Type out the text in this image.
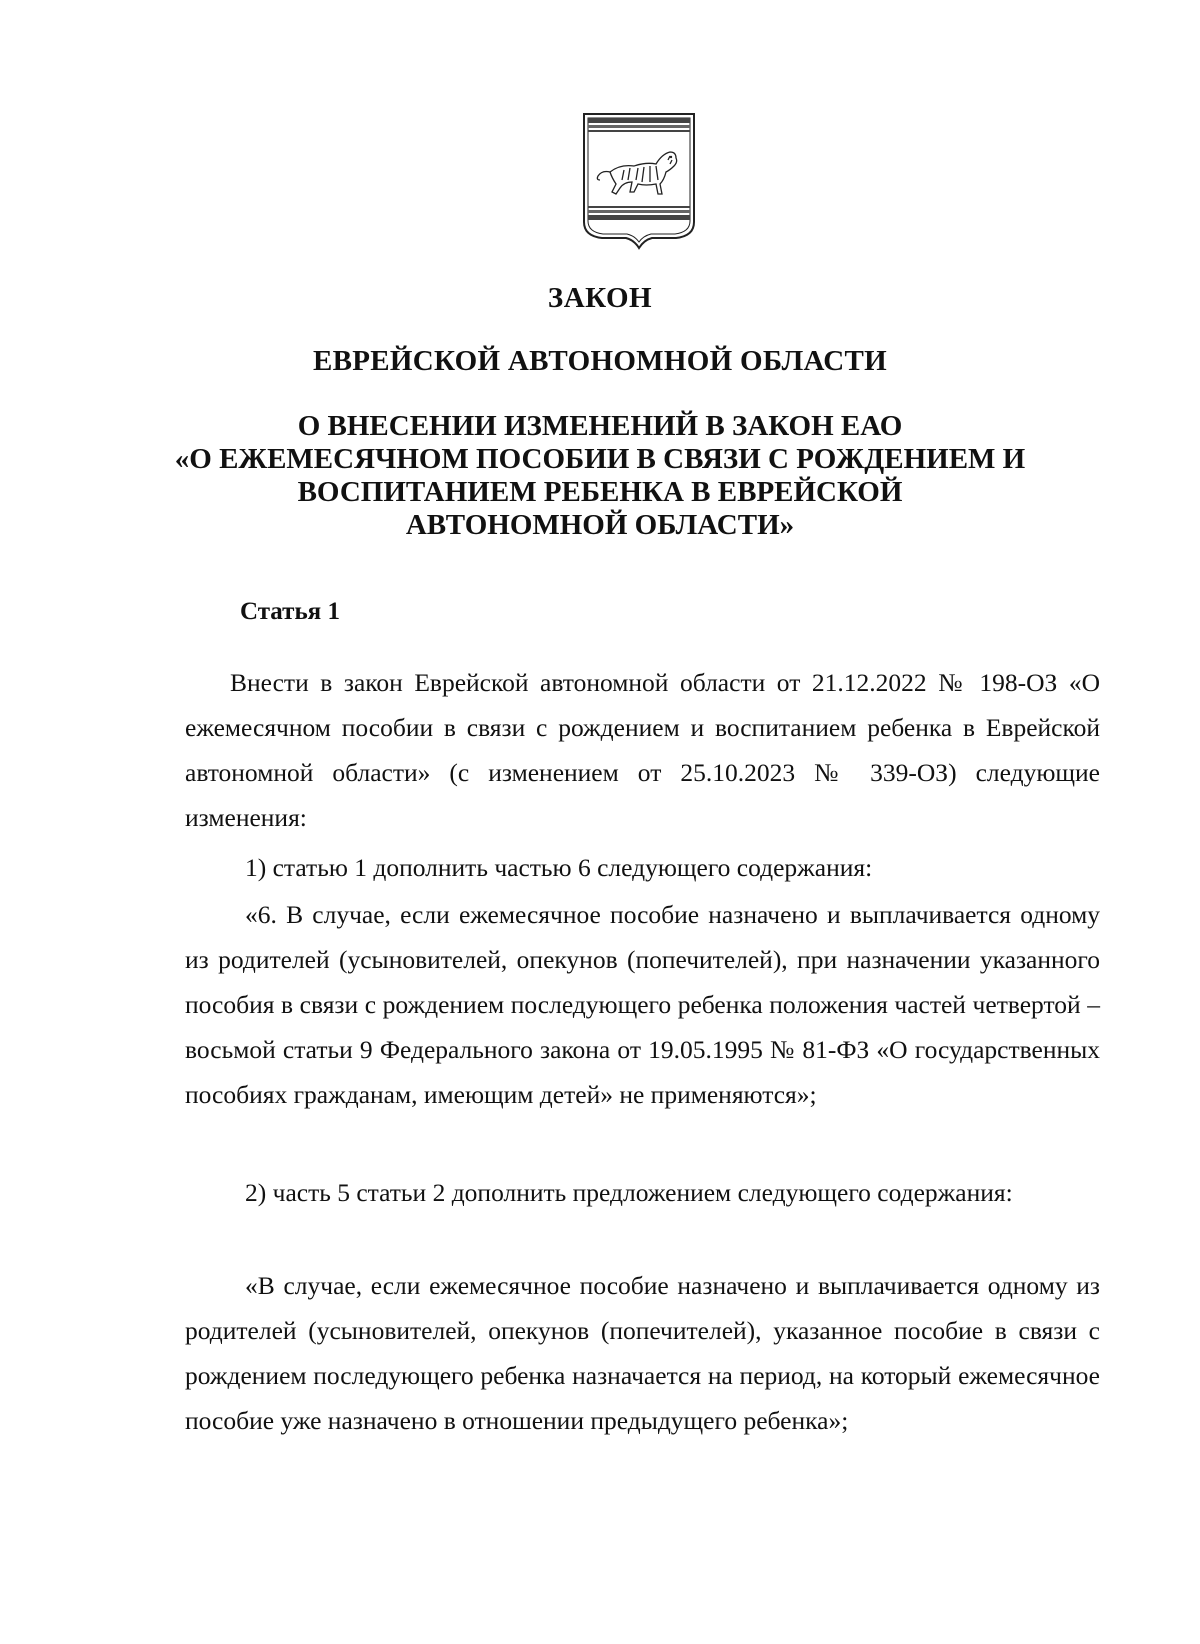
ЗАКОН
ЕВРЕЙСКОЙ АВТОНОМНОЙ ОБЛАСТИ
О ВНЕСЕНИИ ИЗМЕНЕНИЙ В ЗАКОН ЕАО
«О ЕЖЕМЕСЯЧНОМ ПОСОБИИ В СВЯЗИ С РОЖДЕНИЕМ И
ВОСПИТАНИЕМ РЕБЕНКА В ЕВРЕЙСКОЙ
АВТОНОМНОЙ ОБЛАСТИ»
Статья 1

Внести в закон Еврейской автономной области от 21.12.2022 № 198-ОЗ «О ежемесячном пособии в связи с рождением и воспитанием ребенка в Еврейской автономной области» (с изменением от 25.10.2023 № 339-ОЗ) следующие изменения:

1) статью 1 дополнить частью 6 следующего содержания:

«6. В случае, если ежемесячное пособие назначено и выплачивается одному из родителей (усыновителей, опекунов (попечителей), при назначении указанного пособия в связи с рождением последующего ребенка положения частей четвертой – восьмой статьи 9 Федерального закона от 19.05.1995 № 81-ФЗ «О государственных пособиях гражданам, имеющим детей» не применяются»;

2) часть 5 статьи 2 дополнить предложением следующего содержания:

«В случае, если ежемесячное пособие назначено и выплачивается одному из родителей (усыновителей, опекунов (попечителей), указанное пособие в связи с рождением последующего ребенка назначается на период, на который ежемесячное пособие уже назначено в отношении предыдущего ребенка»;
